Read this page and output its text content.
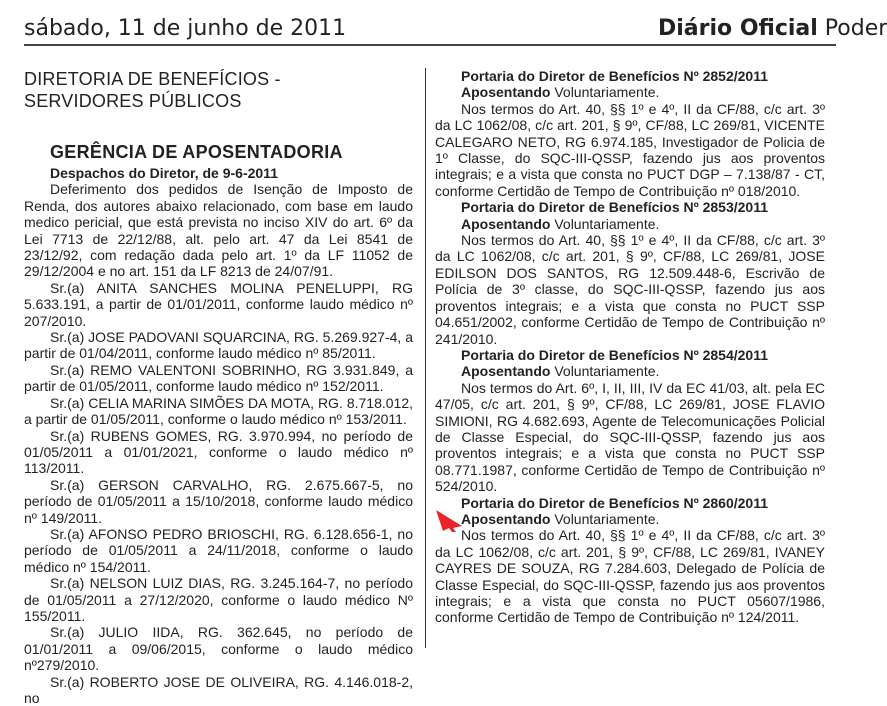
sábado, 11 de junho de 2011	Diário Oficial Poder
DIRETORIA DE BENEFÍCIOS -
SERVIDORES PÚBLICOS
GERÊNCIA DE APOSENTADORIA
Despachos do Diretor, de 9-6-2011

Deferimento dos pedidos de Isenção de Imposto de Renda, dos autores abaixo relacionado, com base em laudo medico pericial, que está prevista no inciso XIV do art. 6º da Lei 7713 de 22/12/88, alt. pelo art. 47 da Lei 8541 de 23/12/92, com redação dada pelo art. 1º da LF 11052 de 29/12/2004 e no art. 151 da LF 8213 de 24/07/91.

Sr.(a) ANITA SANCHES MOLINA PENELUPPI, RG 5.633.191, a partir de 01/01/2011, conforme laudo médico nº 207/2010.

Sr.(a) JOSE PADOVANI SQUARCINA, RG. 5.269.927-4, a partir de 01/04/2011, conforme laudo médico nº 85/2011.

Sr.(a) REMO VALENTONI SOBRINHO, RG 3.931.849, a partir de 01/05/2011, conforme laudo médico nº 152/2011.

Sr.(a) CELIA MARINA SIMÕES DA MOTA, RG. 8.718.012, a partir de 01/05/2011, conforme o laudo médico nº 153/2011.

Sr.(a) RUBENS GOMES, RG. 3.970.994, no período de 01/05/2011 a 01/01/2021, conforme o laudo médico nº 113/2011.

Sr.(a) GERSON CARVALHO, RG. 2.675.667-5, no período de 01/05/2011 a 15/10/2018, conforme laudo médico nº 149/2011.

Sr.(a) AFONSO PEDRO BRIOSCHI, RG. 6.128.656-1, no período de 01/05/2011 a 24/11/2018, conforme o laudo médico nº 154/2011.

Sr.(a) NELSON LUIZ DIAS, RG. 3.245.164-7, no período de 01/05/2011 a 27/12/2020, conforme o laudo médico Nº 155/2011.

Sr.(a) JULIO IIDA, RG. 362.645, no período de 01/01/2011 a 09/06/2015, conforme o laudo médico nº279/2010.

Sr.(a) ROBERTO JOSE DE OLIVEIRA, RG. 4.146.018-2, no

Portaria do Diretor de Benefícios Nº 2852/2011

Aposentando Voluntariamente.

Nos termos do Art. 40, §§ 1º e 4º, II da CF/88, c/c art. 3º da LC 1062/08, c/c art. 201, § 9º, CF/88, LC 269/81, VICENTE CALEGARO NETO, RG 6.974.185, Investigador de Policia de 1º Classe, do SQC-III-QSSP, fazendo jus aos proventos integrais; e a vista que consta no PUCT DGP – 7.138/87 - CT, conforme Certidão de Tempo de Contribuição nº 018/2010.

Portaria do Diretor de Benefícios Nº 2853/2011

Aposentando Voluntariamente.

Nos termos do Art. 40, §§ 1º e 4º, II da CF/88, c/c art. 3º da LC 1062/08, c/c art. 201, § 9º, CF/88, LC 269/81, JOSE EDILSON DOS SANTOS, RG 12.509.448-6, Escrivão de Polícia de 3º classe, do SQC-III-QSSP, fazendo jus aos proventos integrais; e a vista que consta no PUCT SSP 04.651/2002, conforme Certidão de Tempo de Contribuição nº 241/2010.

Portaria do Diretor de Benefícios Nº 2854/2011

Aposentando Voluntariamente.

Nos termos do Art. 6º, I, II, III, IV da EC 41/03, alt. pela EC 47/05, c/c art. 201, § 9º, CF/88, LC 269/81, JOSE FLAVIO SIMIONI, RG 4.682.693, Agente de Telecomunicações Policial de Classe Especial, do SQC-III-QSSP, fazendo jus aos proventos integrais; e a vista que consta no PUCT SSP 08.771.1987, conforme Certidão de Tempo de Contribuição nº 524/2010.

Portaria do Diretor de Benefícios Nº 2860/2011

Aposentando Voluntariamente.

Nos termos do Art. 40, §§ 1º e 4º, II da CF/88, c/c art. 3º da LC 1062/08, c/c art. 201, § 9º, CF/88, LC 269/81, IVANEY CAYRES DE SOUZA, RG 7.284.603, Delegado de Polícia de Classe Especial, do SQC-III-QSSP, fazendo jus aos proventos integrais; e a vista que consta no PUCT 05607/1986, conforme Certidão de Tempo de Contribuição nº 124/2011.
